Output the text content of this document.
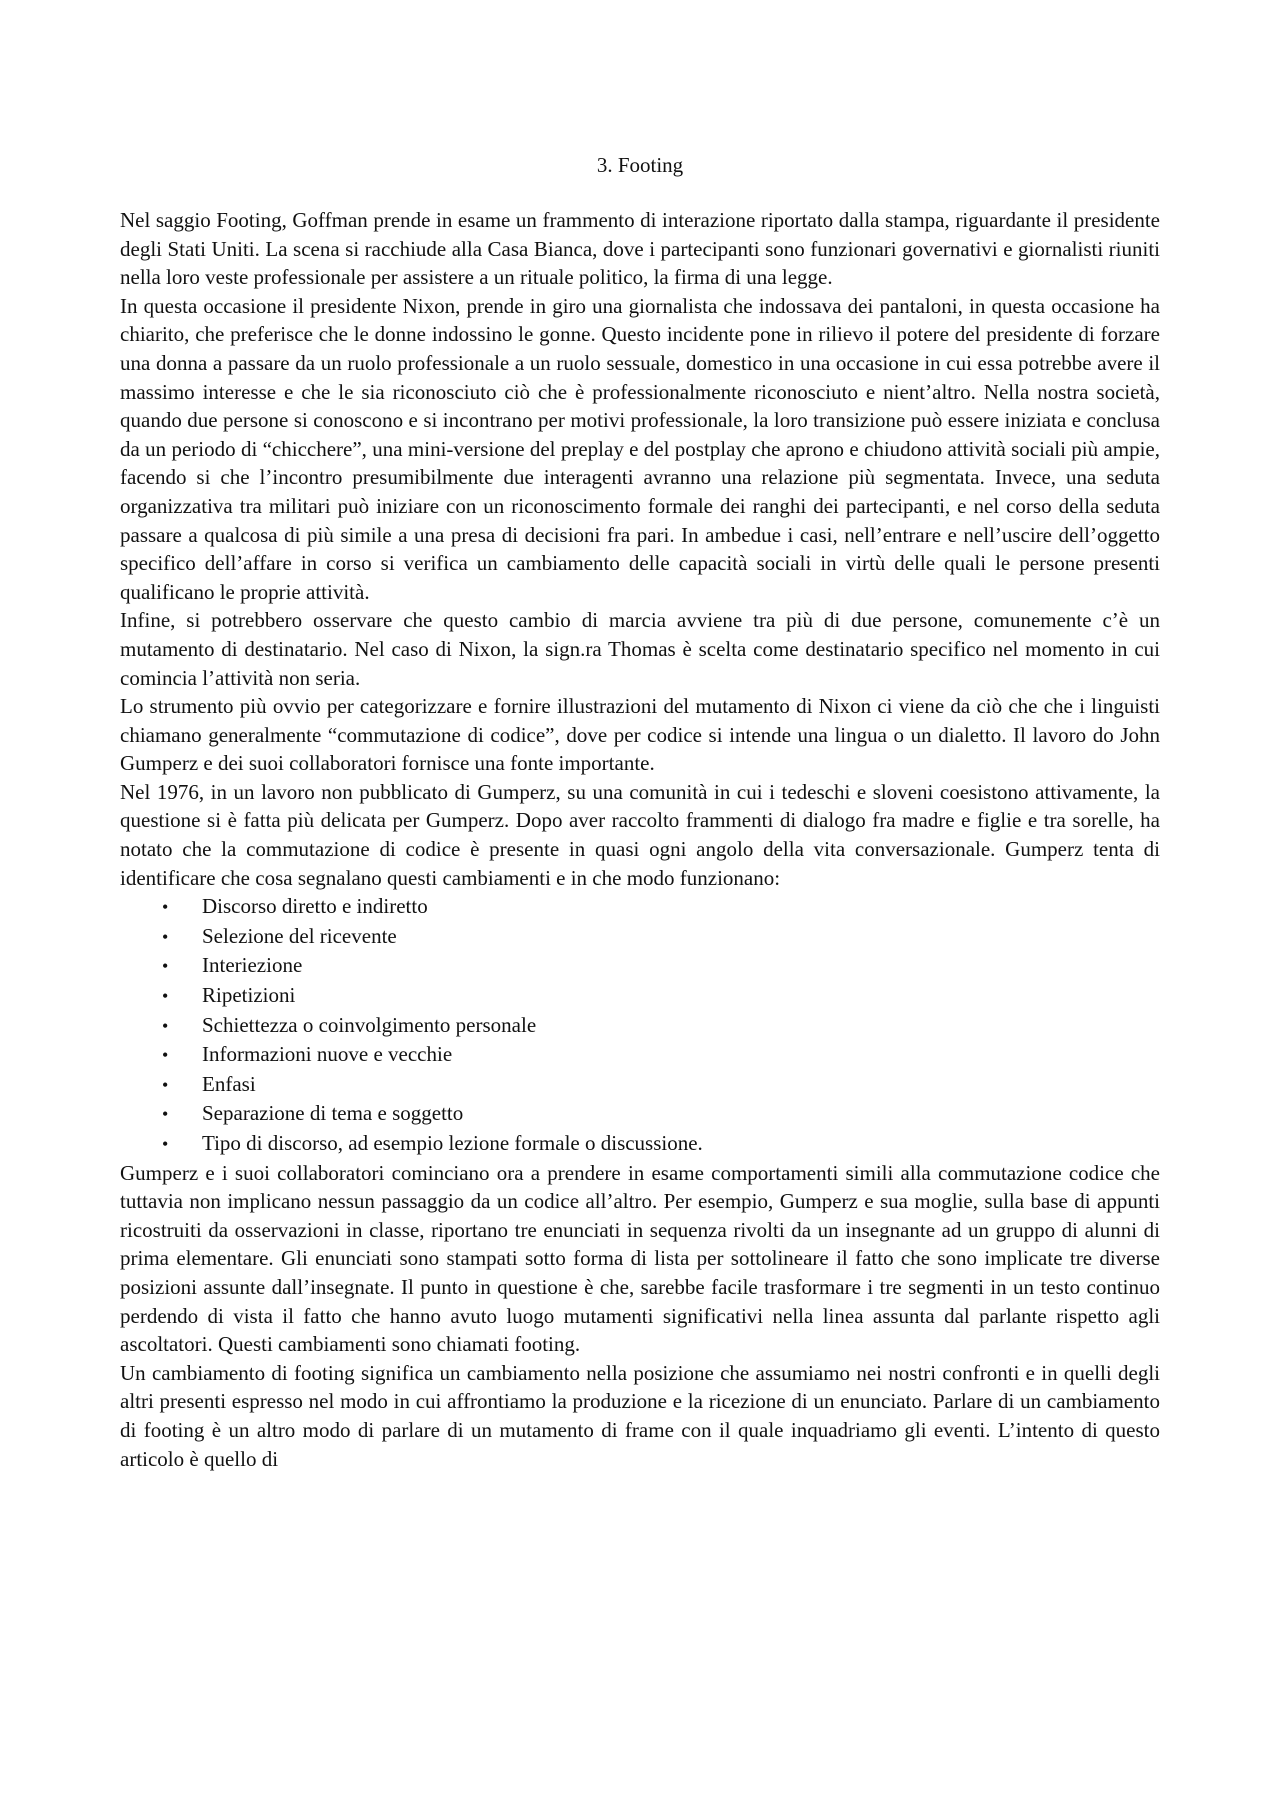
3. Footing

Nel saggio Footing, Goffman prende in esame un frammento di interazione riportato dalla stampa, riguardante il presidente degli Stati Uniti. La scena si racchiude alla Casa Bianca, dove i partecipanti sono funzionari governativi e giornalisti riuniti nella loro veste professionale per assistere a un rituale politico, la firma di una legge.

In questa occasione il presidente Nixon, prende in giro una giornalista che indossava dei pantaloni, in questa occasione ha chiarito, che preferisce che le donne indossino le gonne. Questo incidente pone in rilievo il potere del presidente di forzare una donna a passare da un ruolo professionale a un ruolo sessuale, domestico in una occasione in cui essa potrebbe avere il massimo interesse e che le sia riconosciuto ciò che è professionalmente riconosciuto e nient’altro. Nella nostra società, quando due persone si conoscono e si incontrano per motivi professionale, la loro transizione può essere iniziata e conclusa da un periodo di “chicchere”, una mini-versione del preplay e del postplay che aprono e chiudono attività sociali più ampie, facendo si che l’incontro presumibilmente due interagenti avranno una relazione più segmentata. Invece, una seduta organizzativa tra militari può iniziare con un riconoscimento formale dei ranghi dei partecipanti, e nel corso della seduta passare a qualcosa di più simile a una presa di decisioni fra pari. In ambedue i casi, nell’entrare e nell’uscire dell’oggetto specifico dell’affare in corso si verifica un cambiamento delle capacità sociali in virtù delle quali le persone presenti qualificano le proprie attività.

Infine, si potrebbero osservare che questo cambio di marcia avviene tra più di due persone, comunemente c’è un mutamento di destinatario. Nel caso di Nixon, la sign.ra Thomas è scelta come destinatario specifico nel momento in cui comincia l’attività non seria.

Lo strumento più ovvio per categorizzare e fornire illustrazioni del mutamento di Nixon ci viene da ciò che che i linguisti chiamano generalmente “commutazione di codice”, dove per codice si intende una lingua o un dialetto. Il lavoro do John Gumperz e dei suoi collaboratori fornisce una fonte importante.

Nel 1976, in un lavoro non pubblicato di Gumperz, su una comunità in cui i tedeschi e sloveni coesistono attivamente, la questione si è fatta più delicata per Gumperz. Dopo aver raccolto frammenti di dialogo fra madre e figlie e tra sorelle, ha notato che la commutazione di codice è presente in quasi ogni angolo della vita conversazionale. Gumperz tenta di identificare che cosa segnalano questi cambiamenti e in che modo funzionano:

•	Discorso diretto e indiretto
•	Selezione del ricevente
•	Interiezione
•	Ripetizioni
•	Schiettezza o coinvolgimento personale
•	Informazioni nuove e vecchie
•	Enfasi
•	Separazione di tema e soggetto
•	Tipo di discorso, ad esempio lezione formale o discussione.

Gumperz e i suoi collaboratori cominciano ora a prendere in esame comportamenti simili alla commutazione codice che tuttavia non implicano nessun passaggio da un codice all’altro. Per esempio, Gumperz e sua moglie, sulla base di appunti ricostruiti da osservazioni in classe, riportano tre enunciati in sequenza rivolti da un insegnante ad un gruppo di alunni di prima elementare. Gli enunciati sono stampati sotto forma di lista per sottolineare il fatto che sono implicate tre diverse posizioni assunte dall’insegnate. Il punto in questione è che, sarebbe facile trasformare i tre segmenti in un testo continuo perdendo di vista il fatto che hanno avuto luogo mutamenti significativi nella linea assunta dal parlante rispetto agli ascoltatori. Questi cambiamenti sono chiamati footing.

Un cambiamento di footing significa un cambiamento nella posizione che assumiamo nei nostri confronti e in quelli degli altri presenti espresso nel modo in cui affrontiamo la produzione e la ricezione di un enunciato. Parlare di un cambiamento di footing è un altro modo di parlare di un mutamento di frame con il quale inquadriamo gli eventi. L’intento di questo articolo è quello di
